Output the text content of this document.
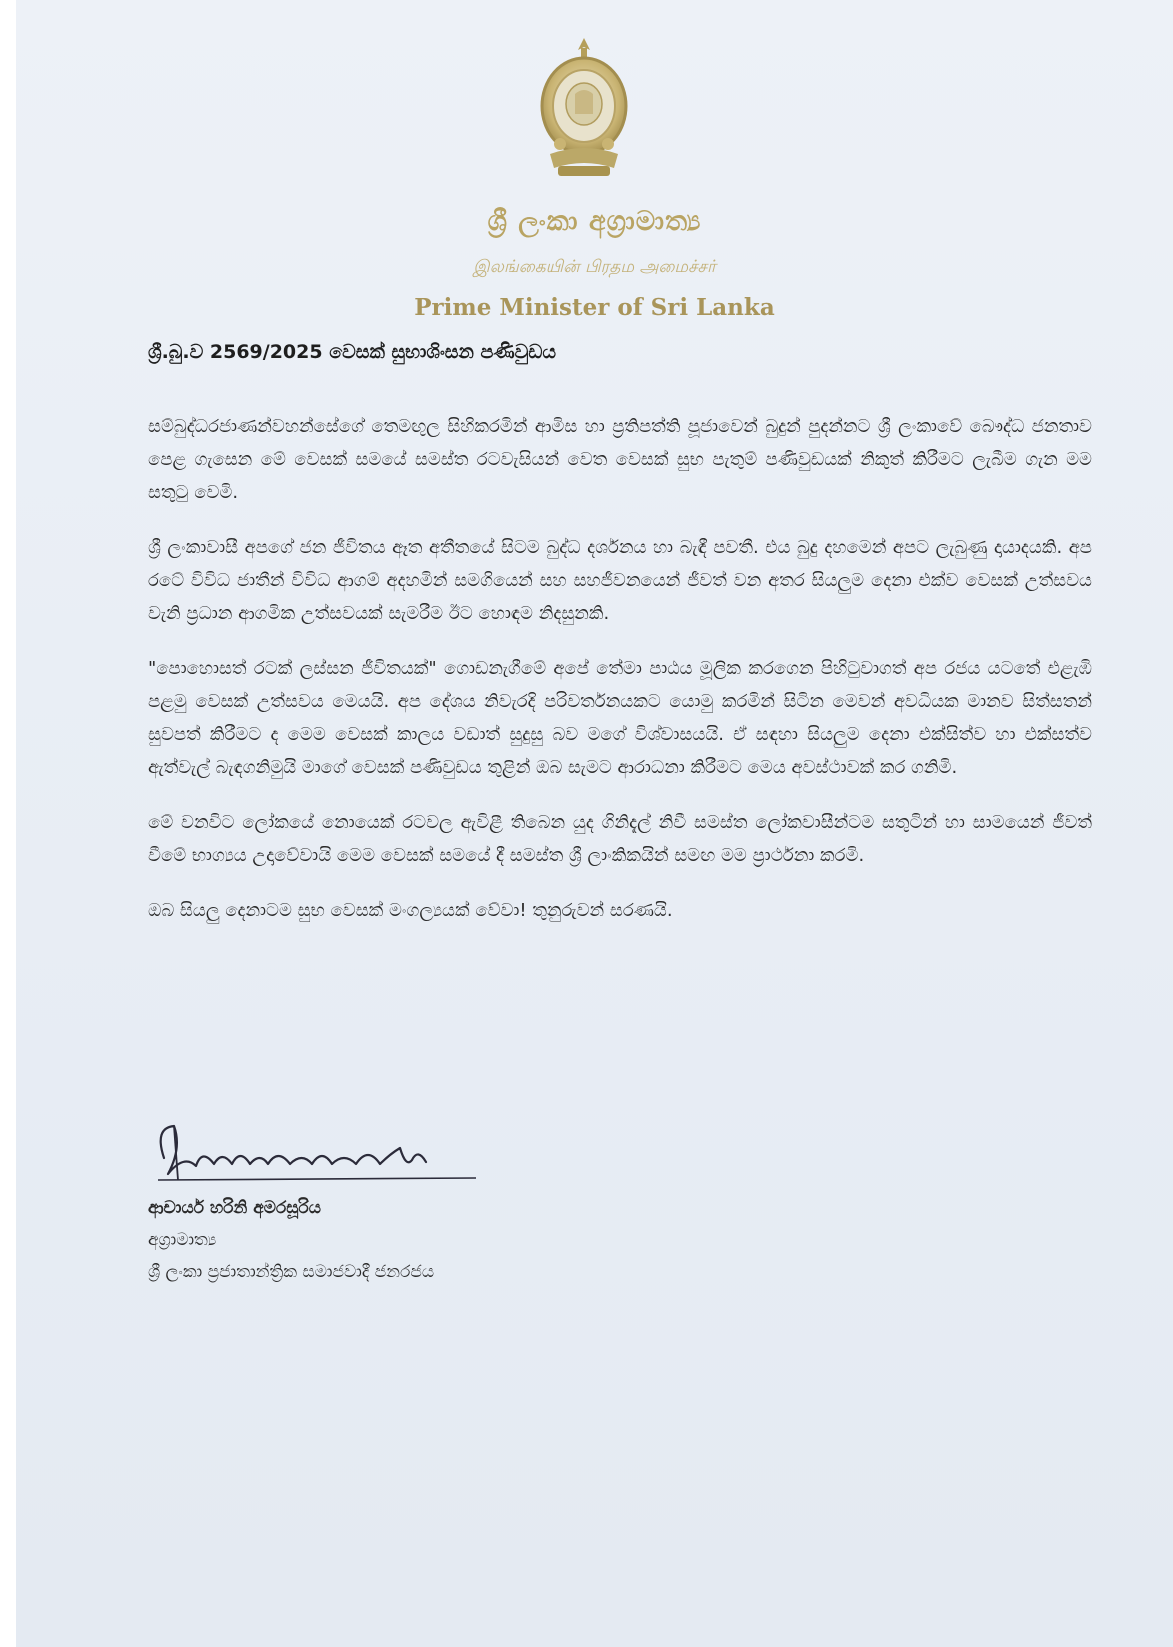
ශ්‍රී ලංකා අග්‍රාමාත්‍ය
இலங்கையின் பிரதம அமைச்சர்
Prime Minister of Sri Lanka
ශ්‍රී.බු.ව 2569/2025 වෙසක් සුභාශිංසන පණිවුඩය

සම්බුද්ධරජාණන්වහන්සේගේ තෙමඟුල සිහිකරමින් ආමිස හා ප්‍රතිපත්ති පූජාවෙන් බුදුන් පුදන්නට ශ්‍රී ලංකාවේ බෞද්ධ ජනතාව පෙළ ගැසෙන මේ වෙසක් සමයේ සමස්ත රටවැසියන් වෙත වෙසක් සුභ පැතුම් පණිවුඩයක් නිකුත් කිරීමට ලැබීම ගැන මම සතුටු වෙමි.

ශ්‍රී ලංකාවාසී අපගේ ජන ජීවිතය ඈත අතීතයේ සිටම බුද්ධ දර්ශනය හා බැඳී පවතී. එය බුදු දහමෙන් අපට ලැබුණු දායාදයකි. අප රටේ විවිධ ජාතීන් විවිධ ආගම් අදහමින් සමගියෙන් සහ සහජීවනයෙන් ජීවත් වන අතර සියලුම දෙනා එක්ව වෙසක් උත්සවය වැනි ප්‍රධාන ආගමික උත්සවයක් සැමරීම ඊට හොඳම නිදසුනකි.

"පොහොසත් රටක් ලස්සන ජීවිතයක්" ගොඩනැගීමේ අපේ තේමා පාඨය මූලික කරගෙන පිහිටුවාගත් අප රජය යටතේ එළැඹි පළමු වෙසක් උත්සවය මෙයයි. අප දේශය නිවැරදි පරිවර්තනයකට යොමු කරමින් සිටින මෙවන් අවධියක මානව සිත්සතන් සුවපත් කිරීමට ද මෙම වෙසක් කාලය වඩාත් සුදුසු බව මගේ විශ්වාසයයි. ඒ සඳහා සියලුම දෙනා එක්සිත්ව හා එක්සත්ව ඇත්වැල් බැඳගනිමුයි මාගේ වෙසක් පණිවුඩය තුළින් ඔබ සැමට ආරාධනා කිරීමට මෙය අවස්ථාවක් කර ගනිමි.

මේ වනවිට ලෝකයේ නොයෙක් රටවල ඇවිළී තිබෙන යුද ගිනිදැල් නිවී සමස්ත ලෝකවාසීන්ටම සතුටින් හා සාමයෙන් ජීවත් වීමේ භාග්‍යය උදාවේවායි මෙම වෙසක් සමයේ දී සමස්ත ශ්‍රී ලාංකිකයින් සමඟ මම ප්‍රාර්ථනා කරමි.

ඔබ සියලු දෙනාටම සුභ වෙසක් මංගල්‍යයක් වේවා! තුනුරුවන් සරණයි.

ආචාර්ය හරිනි අමරසූරිය
අග්‍රාමාත්‍ය
ශ්‍රී ලංකා ප්‍රජාතාන්ත්‍රික සමාජවාදී ජනරජය
